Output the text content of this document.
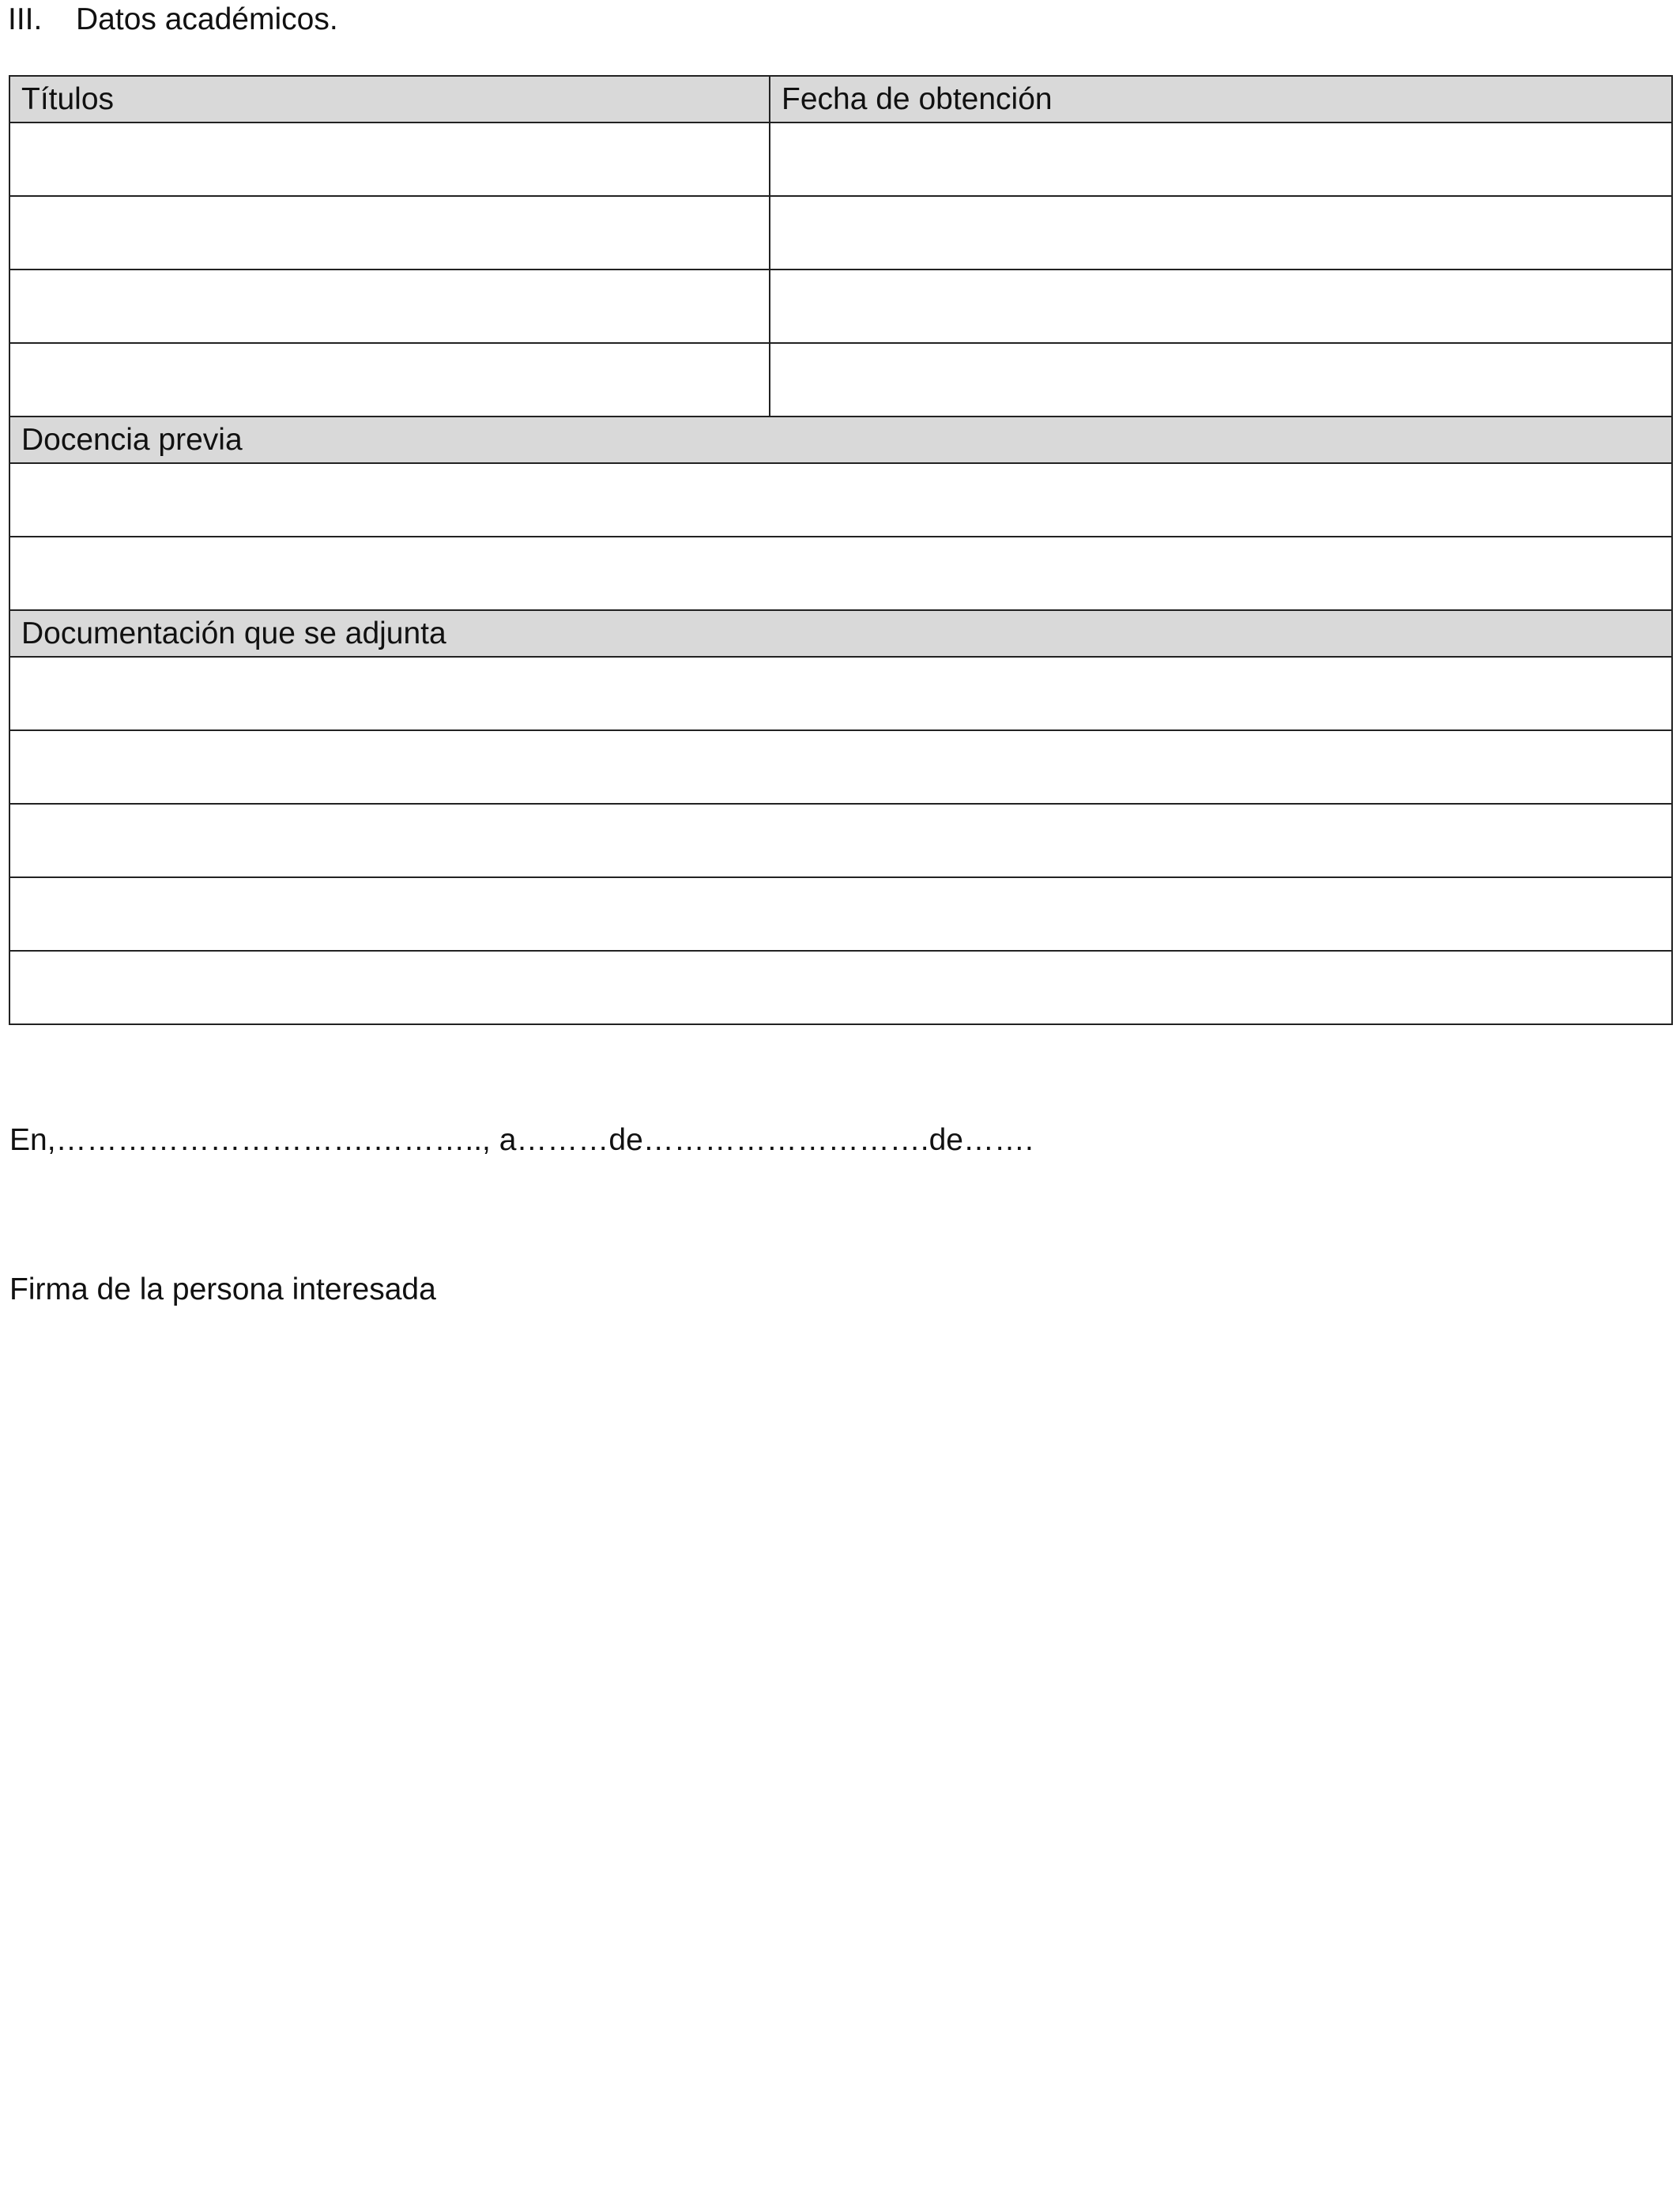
III. Datos académicos.
Títulos	Fecha de obtención

Docencia previa	

Documentación que se adjunta	

En,………………………….……….., a………de……………………….de…….
Firma de la persona interesada
